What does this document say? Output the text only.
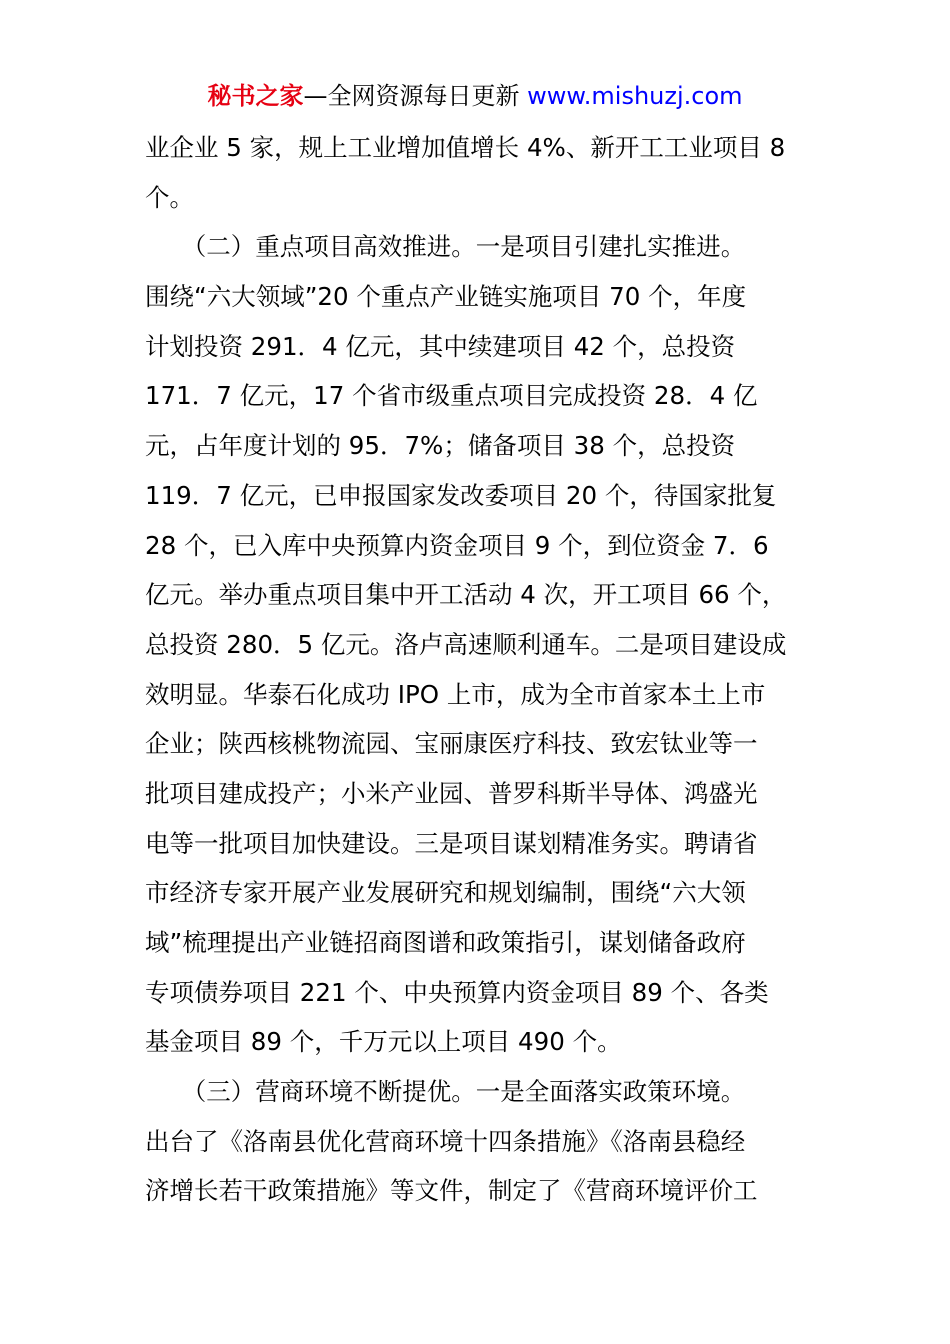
秘书之家—全网资源每日更新 www.mishuzj.com
业企业 5 家，规上工业增加值增长 4%、新开工工业项目 8
个。
　　（二）重点项目高效推进。一是项目引建扎实推进。
围绕“六大领域”20 个重点产业链实施项目 70 个，年度
计划投资 291．4 亿元，其中续建项目 42 个，总投资
171．7 亿元，17 个省市级重点项目完成投资 28．4 亿
元，占年度计划的 95．7%；储备项目 38 个，总投资
119．7 亿元，已申报国家发改委项目 20 个，待国家批复
28 个，已入库中央预算内资金项目 9 个，到位资金 7．6
亿元。举办重点项目集中开工活动 4 次，开工项目 66 个，
总投资 280．5 亿元。洛卢高速顺利通车。二是项目建设成
效明显。华泰石化成功 IPO 上市，成为全市首家本土上市
企业；陕西核桃物流园、宝丽康医疗科技、致宏钛业等一
批项目建成投产；小米产业园、普罗科斯半导体、鸿盛光
电等一批项目加快建设。三是项目谋划精准务实。聘请省
市经济专家开展产业发展研究和规划编制，围绕“六大领
域”梳理提出产业链招商图谱和政策指引，谋划储备政府
专项债券项目 221 个、中央预算内资金项目 89 个、各类
基金项目 89 个，千万元以上项目 490 个。
　　（三）营商环境不断提优。一是全面落实政策环境。
出台了《洛南县优化营商环境十四条措施》《洛南县稳经
济增长若干政策措施》等文件，制定了《营商环境评价工
